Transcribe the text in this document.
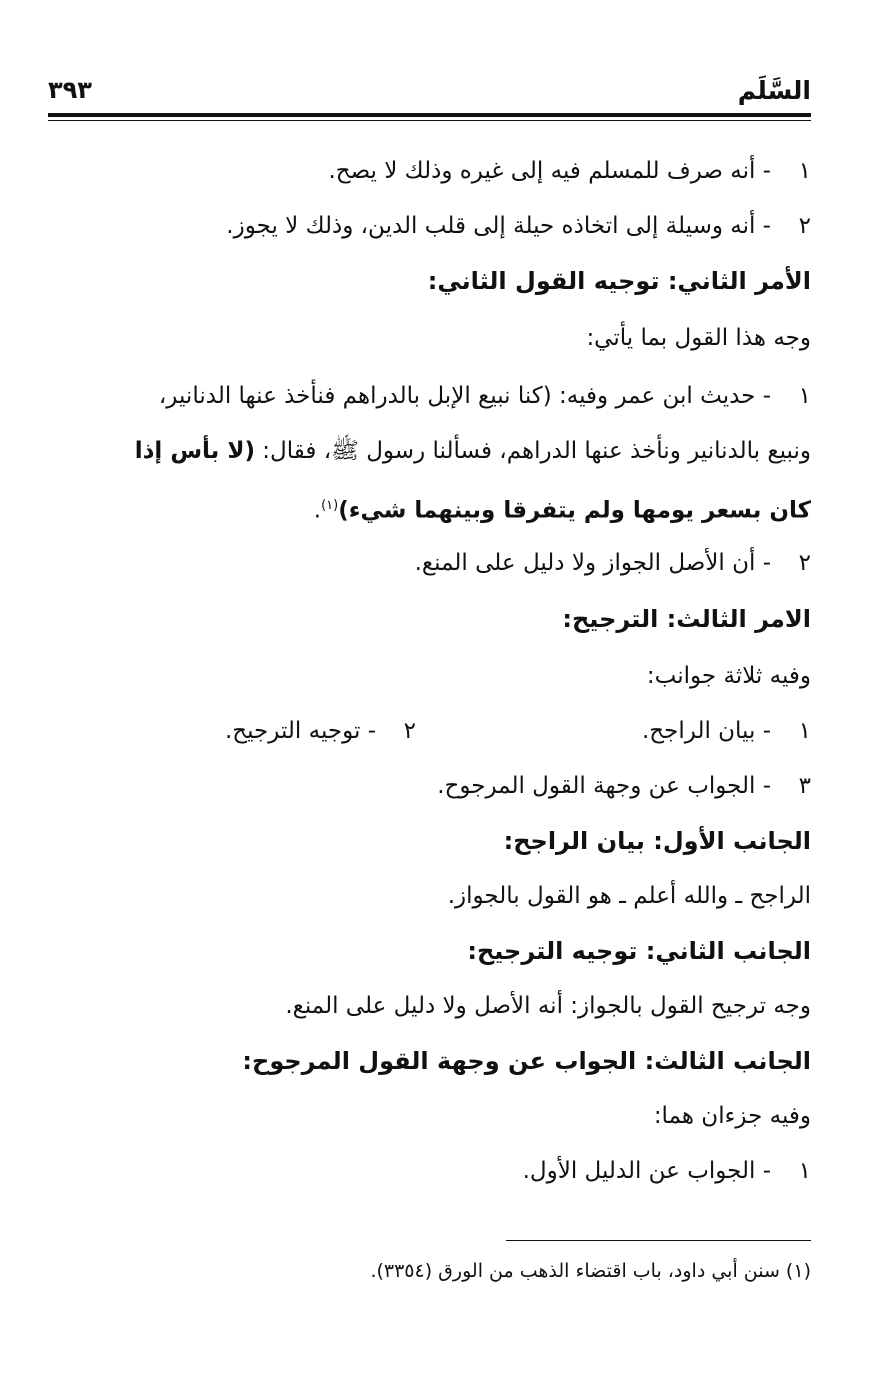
السَّلَم
٣٩٣
١- أنه صرف للمسلم فيه إلى غيره وذلك لا يصح.
٢- أنه وسيلة إلى اتخاذه حيلة إلى قلب الدين، وذلك لا يجوز.
الأمر الثاني: توجيه القول الثاني:
وجه هذا القول بما يأتي:
١- حديث ابن عمر وفيه: (كنا نبيع الإبل بالدراهم فنأخذ عنها الدنانير،
ونبيع بالدنانير ونأخذ عنها الدراهم، فسألنا رسول ﷺ، فقال: (لا بأس إذا
كان بسعر يومها ولم يتفرقا وبينهما شيء)$^{(١)}$.
٢- أن الأصل الجواز ولا دليل على المنع.
الامر الثالث: الترجيح:
وفيه ثلاثة جوانب:
١- بيان الراجح.
٢- توجيه الترجيح.
٣- الجواب عن وجهة القول المرجوح.
الجانب الأول: بيان الراجح:
الراجح ـ والله أعلم ـ هو القول بالجواز.
الجانب الثاني: توجيه الترجيح:
وجه ترجيح القول بالجواز: أنه الأصل ولا دليل على المنع.
الجانب الثالث: الجواب عن وجهة القول المرجوح:
وفيه جزءان هما:
١- الجواب عن الدليل الأول.
(١) سنن أبي داود، باب اقتضاء الذهب من الورق (٣٣٥٤).
